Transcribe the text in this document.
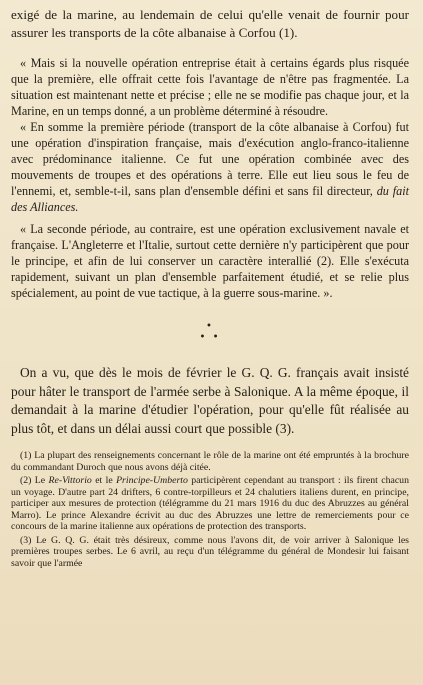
exigé de la marine, au lendemain de celui qu'elle venait de fournir pour assurer les transports de la côte albanaise à Corfou (1).

« Mais si la nouvelle opération entreprise était à certains égards plus risquée que la première, elle offrait cette fois l'avantage de n'être pas fragmentée. La situation est maintenant nette et précise ; elle ne se modifie pas chaque jour, et la Marine, en un temps donné, a un problème déterminé à résoudre.

« En somme la première période (transport de la côte albanaise à Corfou) fut une opération d'inspiration française, mais d'exécution anglo-franco-italienne avec prédominance italienne. Ce fut une opération combinée avec des mouvements de troupes et des opérations à terre. Elle eut lieu sous le feu de l'ennemi, et, semble-t-il, sans plan d'ensemble défini et sans fil directeur, du fait des Alliances.

« La seconde période, au contraire, est une opération exclusivement navale et française. L'Angleterre et l'Italie, surtout cette dernière n'y participèrent que pour le principe, et afin de lui conserver un caractère interallié (2). Elle s'exécuta rapidement, suivant un plan d'ensemble parfaitement étudié, et se relie plus spécialement, au point de vue tactique, à la guerre sous-marine. ».

•
• •

On a vu, que dès le mois de février le G. Q. G. français avait insisté pour hâter le transport de l'armée serbe à Salonique. A la même époque, il demandait à la marine d'étudier l'opération, pour qu'elle fût réalisée au plus tôt, et dans un délai aussi court que possible (3).

(1) La plupart des renseignements concernant le rôle de la marine ont été empruntés à la brochure du commandant Duroch que nous avons déjà citée.

(2) Le Re-Vittorio et le Principe-Umberto participèrent cependant au transport : ils firent chacun un voyage. D'autre part 24 drifters, 6 contre-torpilleurs et 24 chalutiers italiens durent, en principe, participer aux mesures de protection (télégramme du 21 mars 1916 du duc des Abruzzes au général Marro). Le prince Alexandre écrivit au duc des Abruzzes une lettre de remerciements pour ce concours de la marine italienne aux opérations de protection des transports.

(3) Le G. Q. G. était très désireux, comme nous l'avons dit, de voir arriver à Salonique les premières troupes serbes. Le 6 avril, au reçu d'un télégramme du général de Mondesir lui faisant savoir que l'armée
